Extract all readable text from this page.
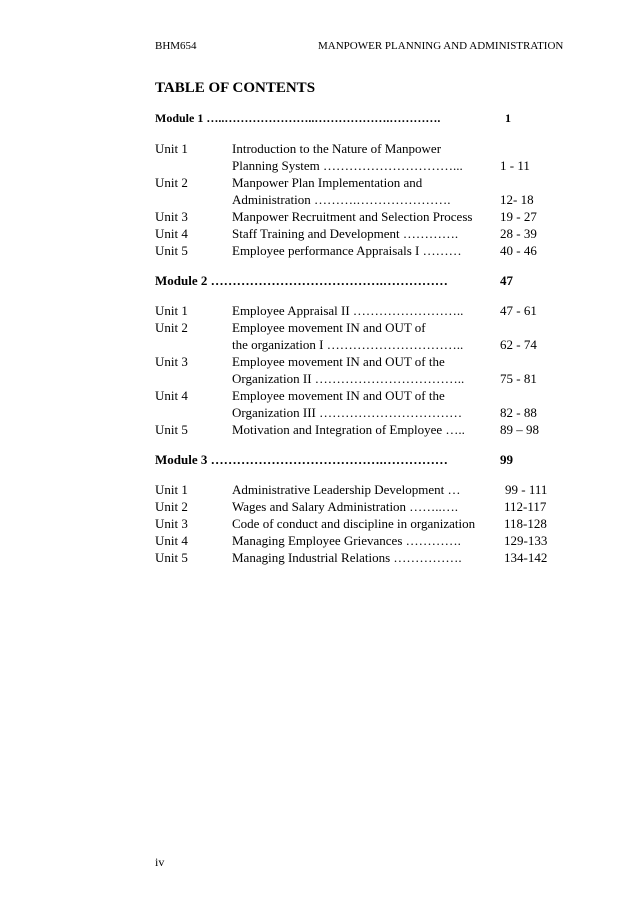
BHM654	MANPOWER PLANNING AND ADMINISTRATION
TABLE OF CONTENTS
Module 1 …..…………………..……………….………….	1
Unit 1	Introduction to the Nature of Manpower
Planning System …………………………...	1 - 11
Unit 2	Manpower Plan Implementation and
Administration ……….………………….	12- 18
Unit 3	Manpower Recruitment and Selection Process 19 - 27
Unit 4	Staff Training and Development ………….	28 - 39
Unit 5	Employee performance Appraisals I ………	40 - 46
Module 2 ………………………………….……………	47
Unit 1	Employee Appraisal II ……………………..	47 - 61
Unit 2	Employee movement IN and OUT of
the organization I …………………………..	62 - 74
Unit 3	Employee movement IN and OUT of the
Organization II ……………………………..	75 - 81
Unit 4	Employee movement IN and OUT of the
Organization III ……………………………	82 - 88
Unit 5	Motivation and Integration of Employee …..	89 – 98
Module 3 ………………………………….……………	99
Unit 1	Administrative Leadership Development …	99 - 111
Unit 2	Wages and Salary Administration ……..….	112-117
Unit 3	Code of conduct and discipline in organization 118-128
Unit 4	Managing Employee Grievances ………….	129-133
Unit 5	Managing Industrial Relations …………….	134-142
iv
